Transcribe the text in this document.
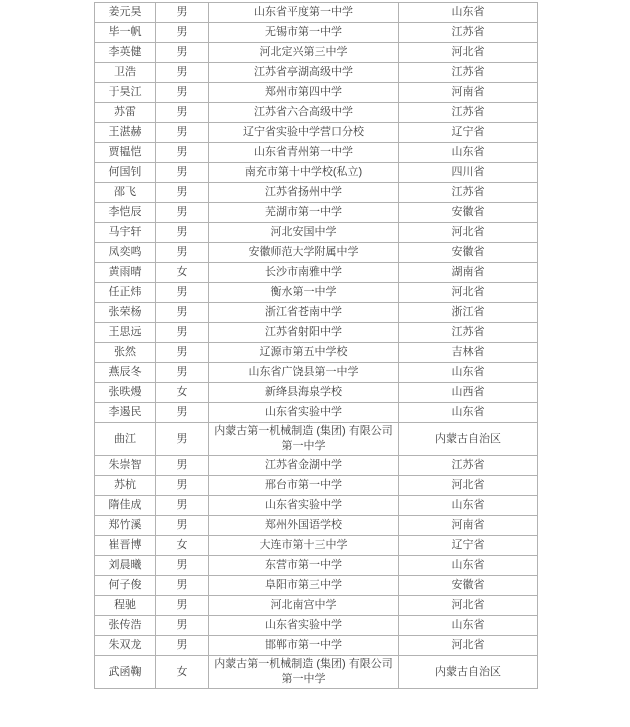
姜元昊	男	山东省平度第一中学	山东省
毕一帆	男	无锡市第一中学	江苏省
李英健	男	河北定兴第三中学	河北省
卫浩	男	江苏省亭湖高级中学	江苏省
于昊江	男	郑州市第四中学	河南省
苏雷	男	江苏省六合高级中学	江苏省
王湛赫	男	辽宁省实验中学营口分校	辽宁省
贾韫恺	男	山东省青州第一中学	山东省
何国钊	男	南充市第十中学校(私立)	四川省
邵飞	男	江苏省扬州中学	江苏省
李恺辰	男	芜湖市第一中学	安徽省
马宇轩	男	河北安国中学	河北省
凤奕鸣	男	安徽师范大学附属中学	安徽省
黄雨晴	女	长沙市南雅中学	湖南省
任正炜	男	衡水第一中学	河北省
张荣杨	男	浙江省苍南中学	浙江省
王思远	男	江苏省射阳中学	江苏省
张然	男	辽源市第五中学校	吉林省
燕辰冬	男	山东省广饶县第一中学	山东省
张昳熳	女	新绛县海泉学校	山西省
李遏民	男	山东省实验中学	山东省
曲江	男	内蒙古第一机械制造 (集团) 有限公司第一中学	内蒙古自治区
朱崇智	男	江苏省金湖中学	江苏省
苏杭	男	邢台市第一中学	河北省
隋佳成	男	山东省实验中学	山东省
郑竹溪	男	郑州外国语学校	河南省
崔晋博	女	大连市第十三中学	辽宁省
刘晨曦	男	东营市第一中学	山东省
何子俊	男	阜阳市第三中学	安徽省
程驰	男	河北南宫中学	河北省
张传浩	男	山东省实验中学	山东省
朱双龙	男	邯郸市第一中学	河北省
武函鞠	女	内蒙古第一机械制造 (集团) 有限公司第一中学	内蒙古自治区
